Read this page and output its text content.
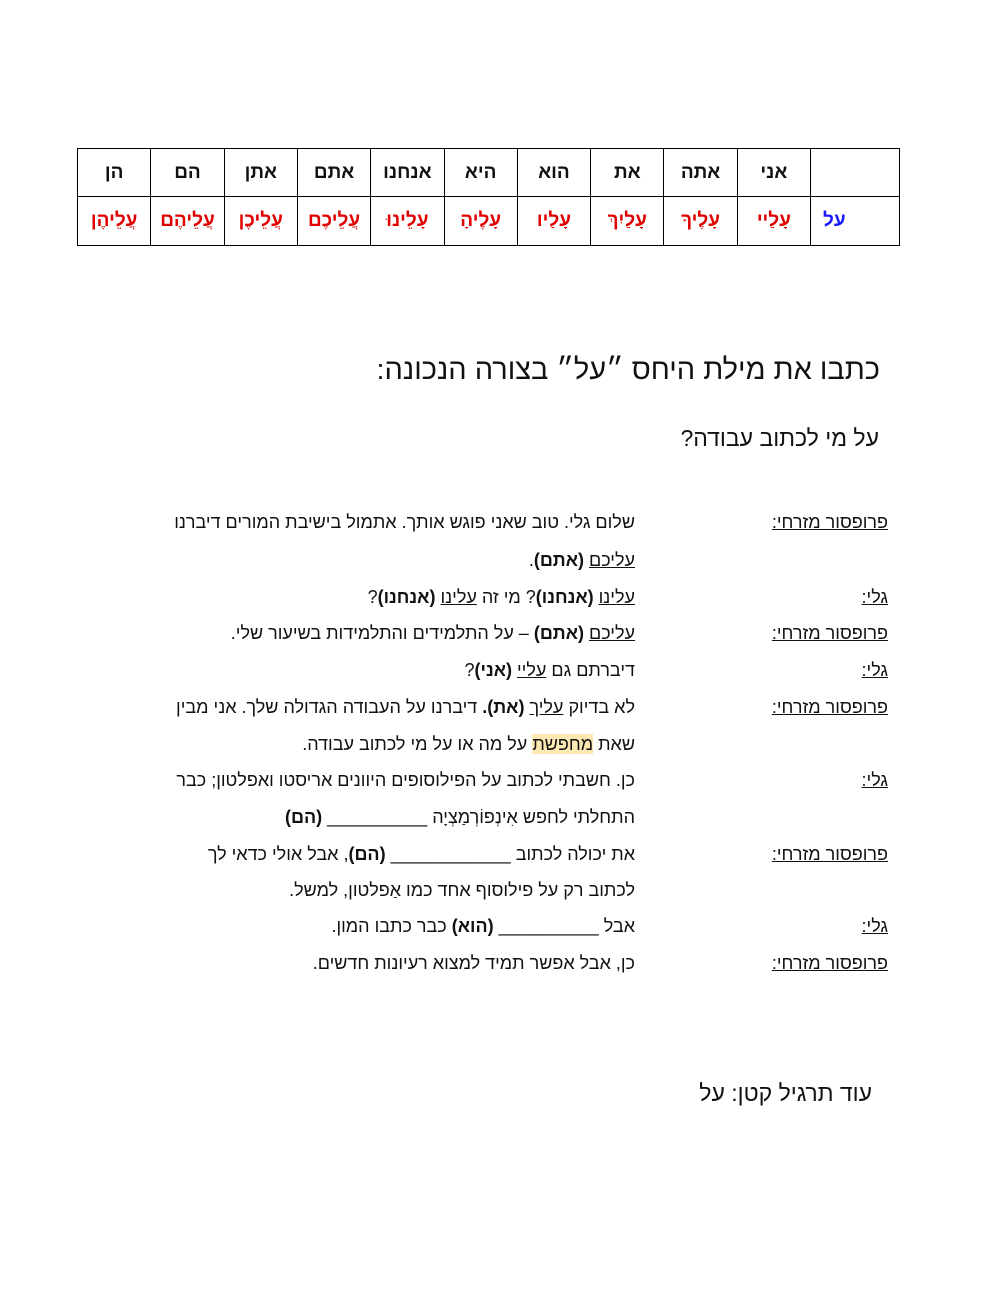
	אני	אתה	את	הוא	היא	אנחנו	אתם	אתן	הם	הן
על	עָלַיי	עָלֶיךָ	עָלַיִךְ	עָלַיו	עָלֶיהָ	עָלֵינוּ	עֲלֵיכֶם	עֲלֵיכֶן	עֲלֵיהֶם	עֲלֵיהֶן
כתבו את מילת היחס ״על״ בצורה הנכונה:
על מי לכתוב עבודה?
פרופסור מזרחי:
שלום גלי. טוב שאני פוגש אותך. אתמול בישיבת המורים דיברנו
עליכם (אתם).
גלי:
עלינו (אנחנו)? מי זה עלינו (אנחנו)?
פרופסור מזרחי:
עליכם (אתם) – על התלמידים והתלמידות בשיעור שלי.
גלי:
דיברתם גם עליי (אני)?
פרופסור מזרחי:
לא בדיוק עליך (את). דיברנו על העבודה הגדולה שלך. אני מבין
שאת מחפשת על מה או על מי לכתוב עבודה.
גלי:
כן. חשבתי לכתוב על הפילוסופים היוונים אריסטו ואפלטון; כבר
התחלתי לחפש אִינְפוֹרְמַצְיָה __________ (הם)
פרופסור מזרחי:
את יכולה לכתוב ____________ (הם), אבל אולי כדאי לך
לכתוב רק על פילוסוף אחד כמו אַפלטון, למשל.
גלי:
אבל __________ (הוא) כבר כתבו המון.
פרופסור מזרחי:
כן, אבל אפשר תמיד למצוא רעיונות חדשים.
עוד תרגיל קטן: על
